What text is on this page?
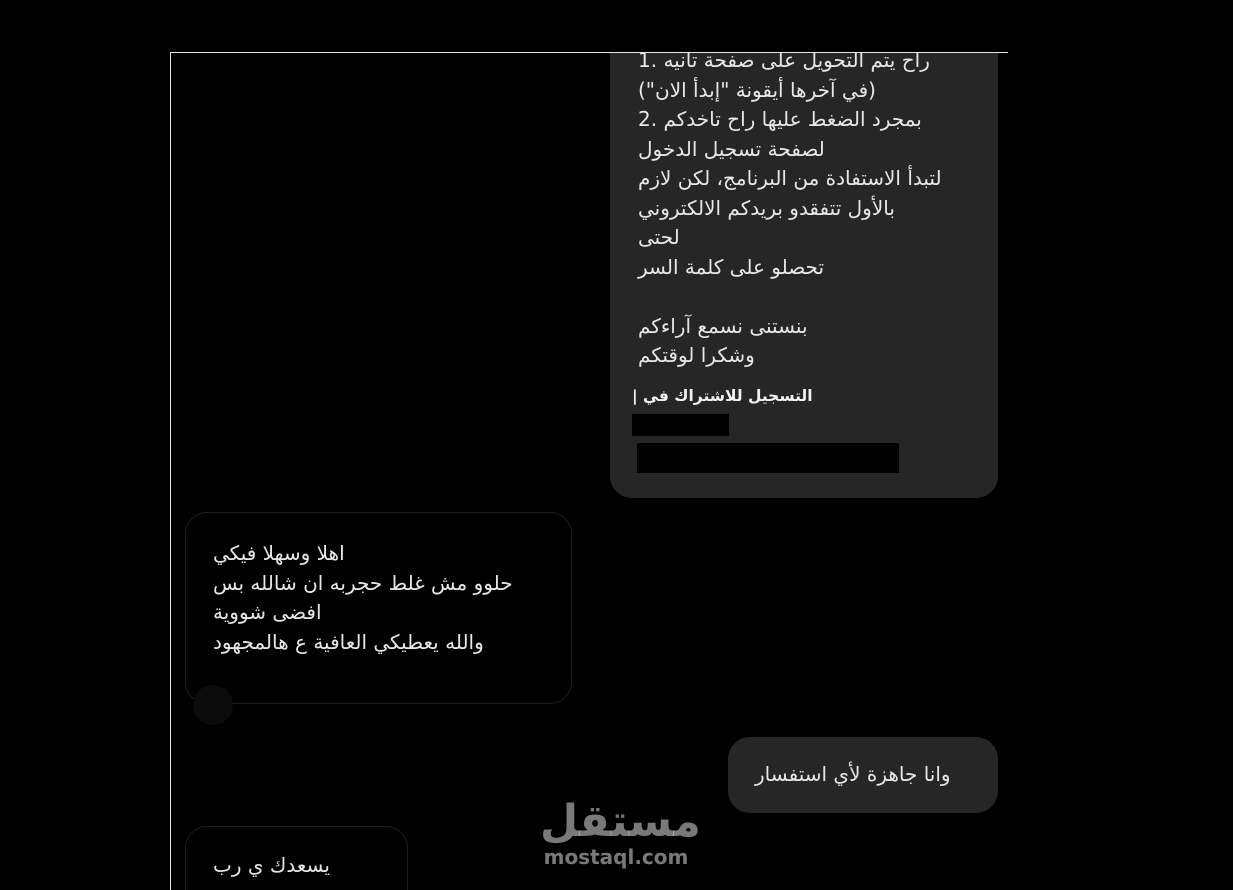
راح يتم التحويل على صفحة تانيه .1
(في آخرها أيقونة "إبدأ الان")
بمجرد الضغط عليها راح تاخدكم .2
لصفحة تسجيل الدخول
لتبدأ الاستفادة من البرنامج، لكن لازم
بالأول تتفقدو بريدكم الالكتروني
لحتى
تحصلو على كلمة السر
بنستنى نسمع آراءكم
وشكرا لوقتكم
التسجيل للاشتراك في |
اهلا وسهلا فيكي
حلوو مش غلط حجربه ان شالله بس
افضى شووية
والله يعطيكي العافية ع هالمجهود
وانا جاهزة لأي استفسار
يسعدك ي رب
مستقل
mostaql.com
